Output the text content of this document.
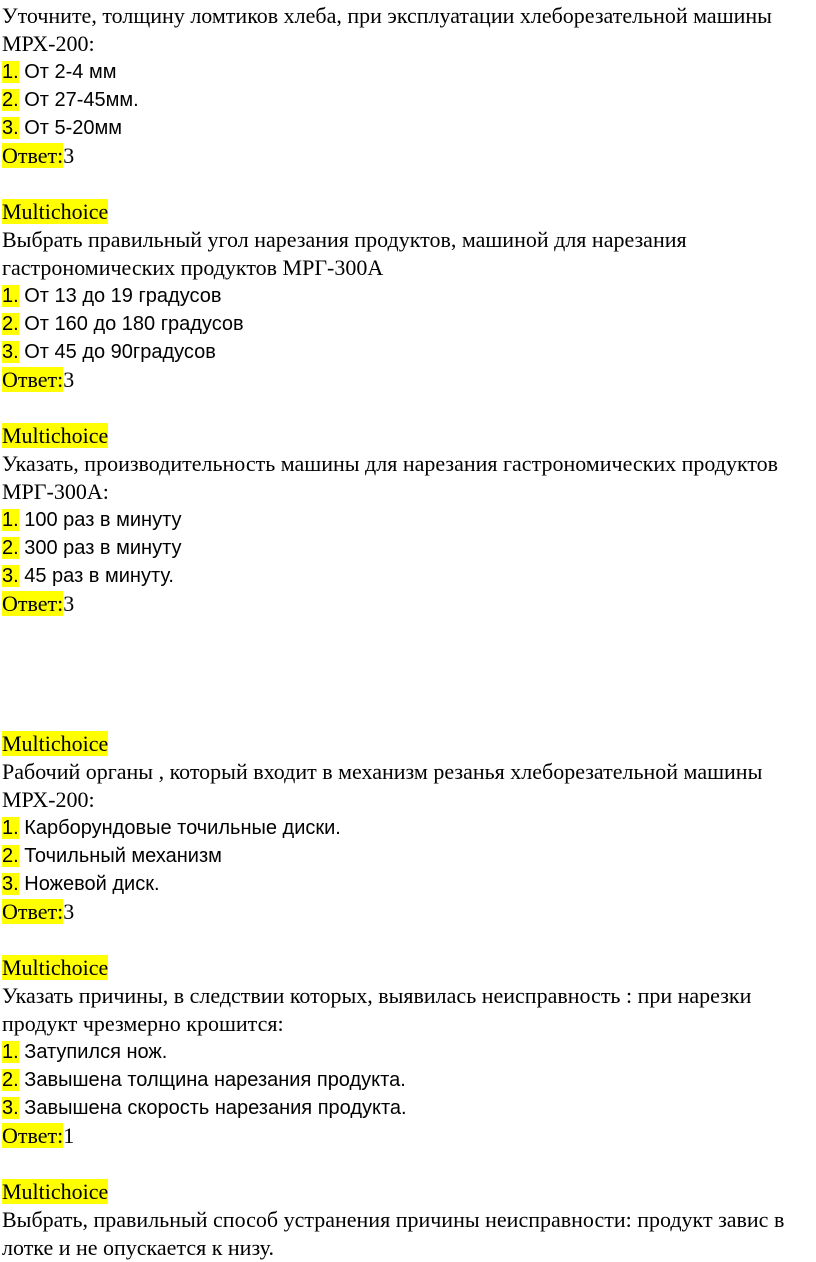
Уточните, толщину ломтиков хлеба, при эксплуатации хлеборезательной машины МРХ-200:
1. От 2-4 мм
2. От 27-45мм.
3. От 5-20мм
Ответ:3
Multichoice
Выбрать правильный угол нарезания продуктов, машиной для нарезания гастрономических продуктов МРГ-300А
1. От 13 до 19 градусов
2. От 160 до 180 градусов
3. От 45 до 90градусов
Ответ:3
Multichoice
Указать, производительность машины для нарезания гастрономических продуктов МРГ-300А:
1. 100 раз в минуту
2. 300 раз в минуту
3. 45 раз в минуту.
Ответ:3
Multichoice
Рабочий органы , который входит в механизм резанья хлеборезательной машины МРХ-200:
1. Карборундовые точильные диски.
2. Точильный механизм
3. Ножевой диск.
Ответ:3
Multichoice
Указать причины, в следствии которых, выявилась неисправность : при нарезки продукт чрезмерно крошится:
1. Затупился нож.
2. Завышена толщина нарезания продукта.
3. Завышена скорость нарезания продукта.
Ответ:1
Multichoice
Выбрать, правильный способ устранения причины неисправности: продукт завис в лотке и не опускается к низу.
